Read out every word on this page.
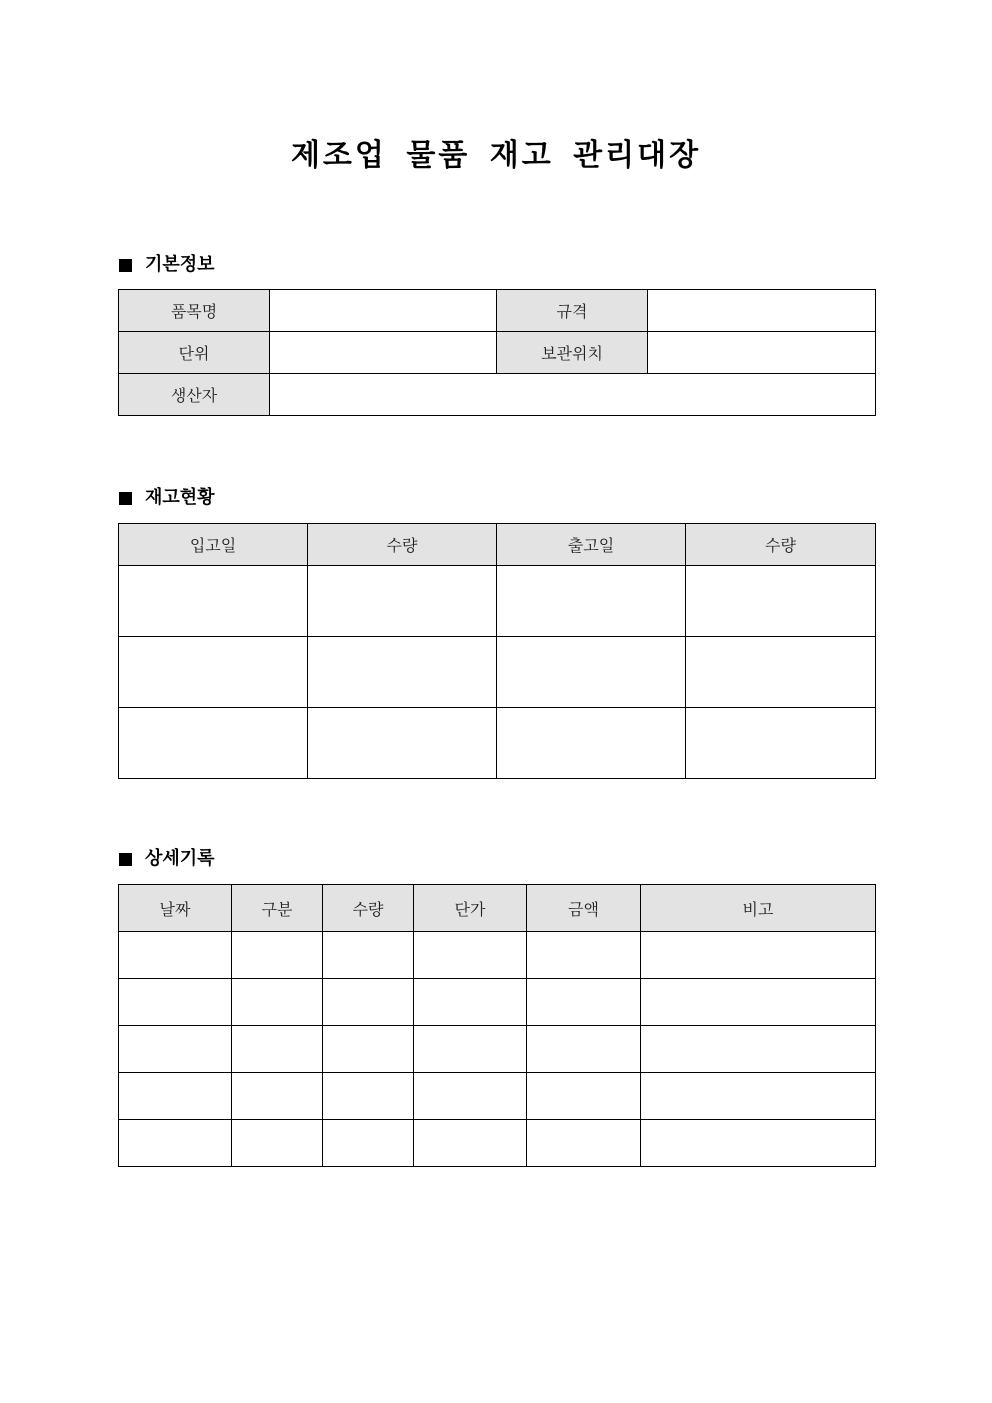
제조업 물품 재고 관리대장
기본정보
품목명		규격	
단위		보관위치	
생산자			
재고현황
입고일	수량	출고일	수량

상세기록
날짜	구분	수량	단가	금액	비고
